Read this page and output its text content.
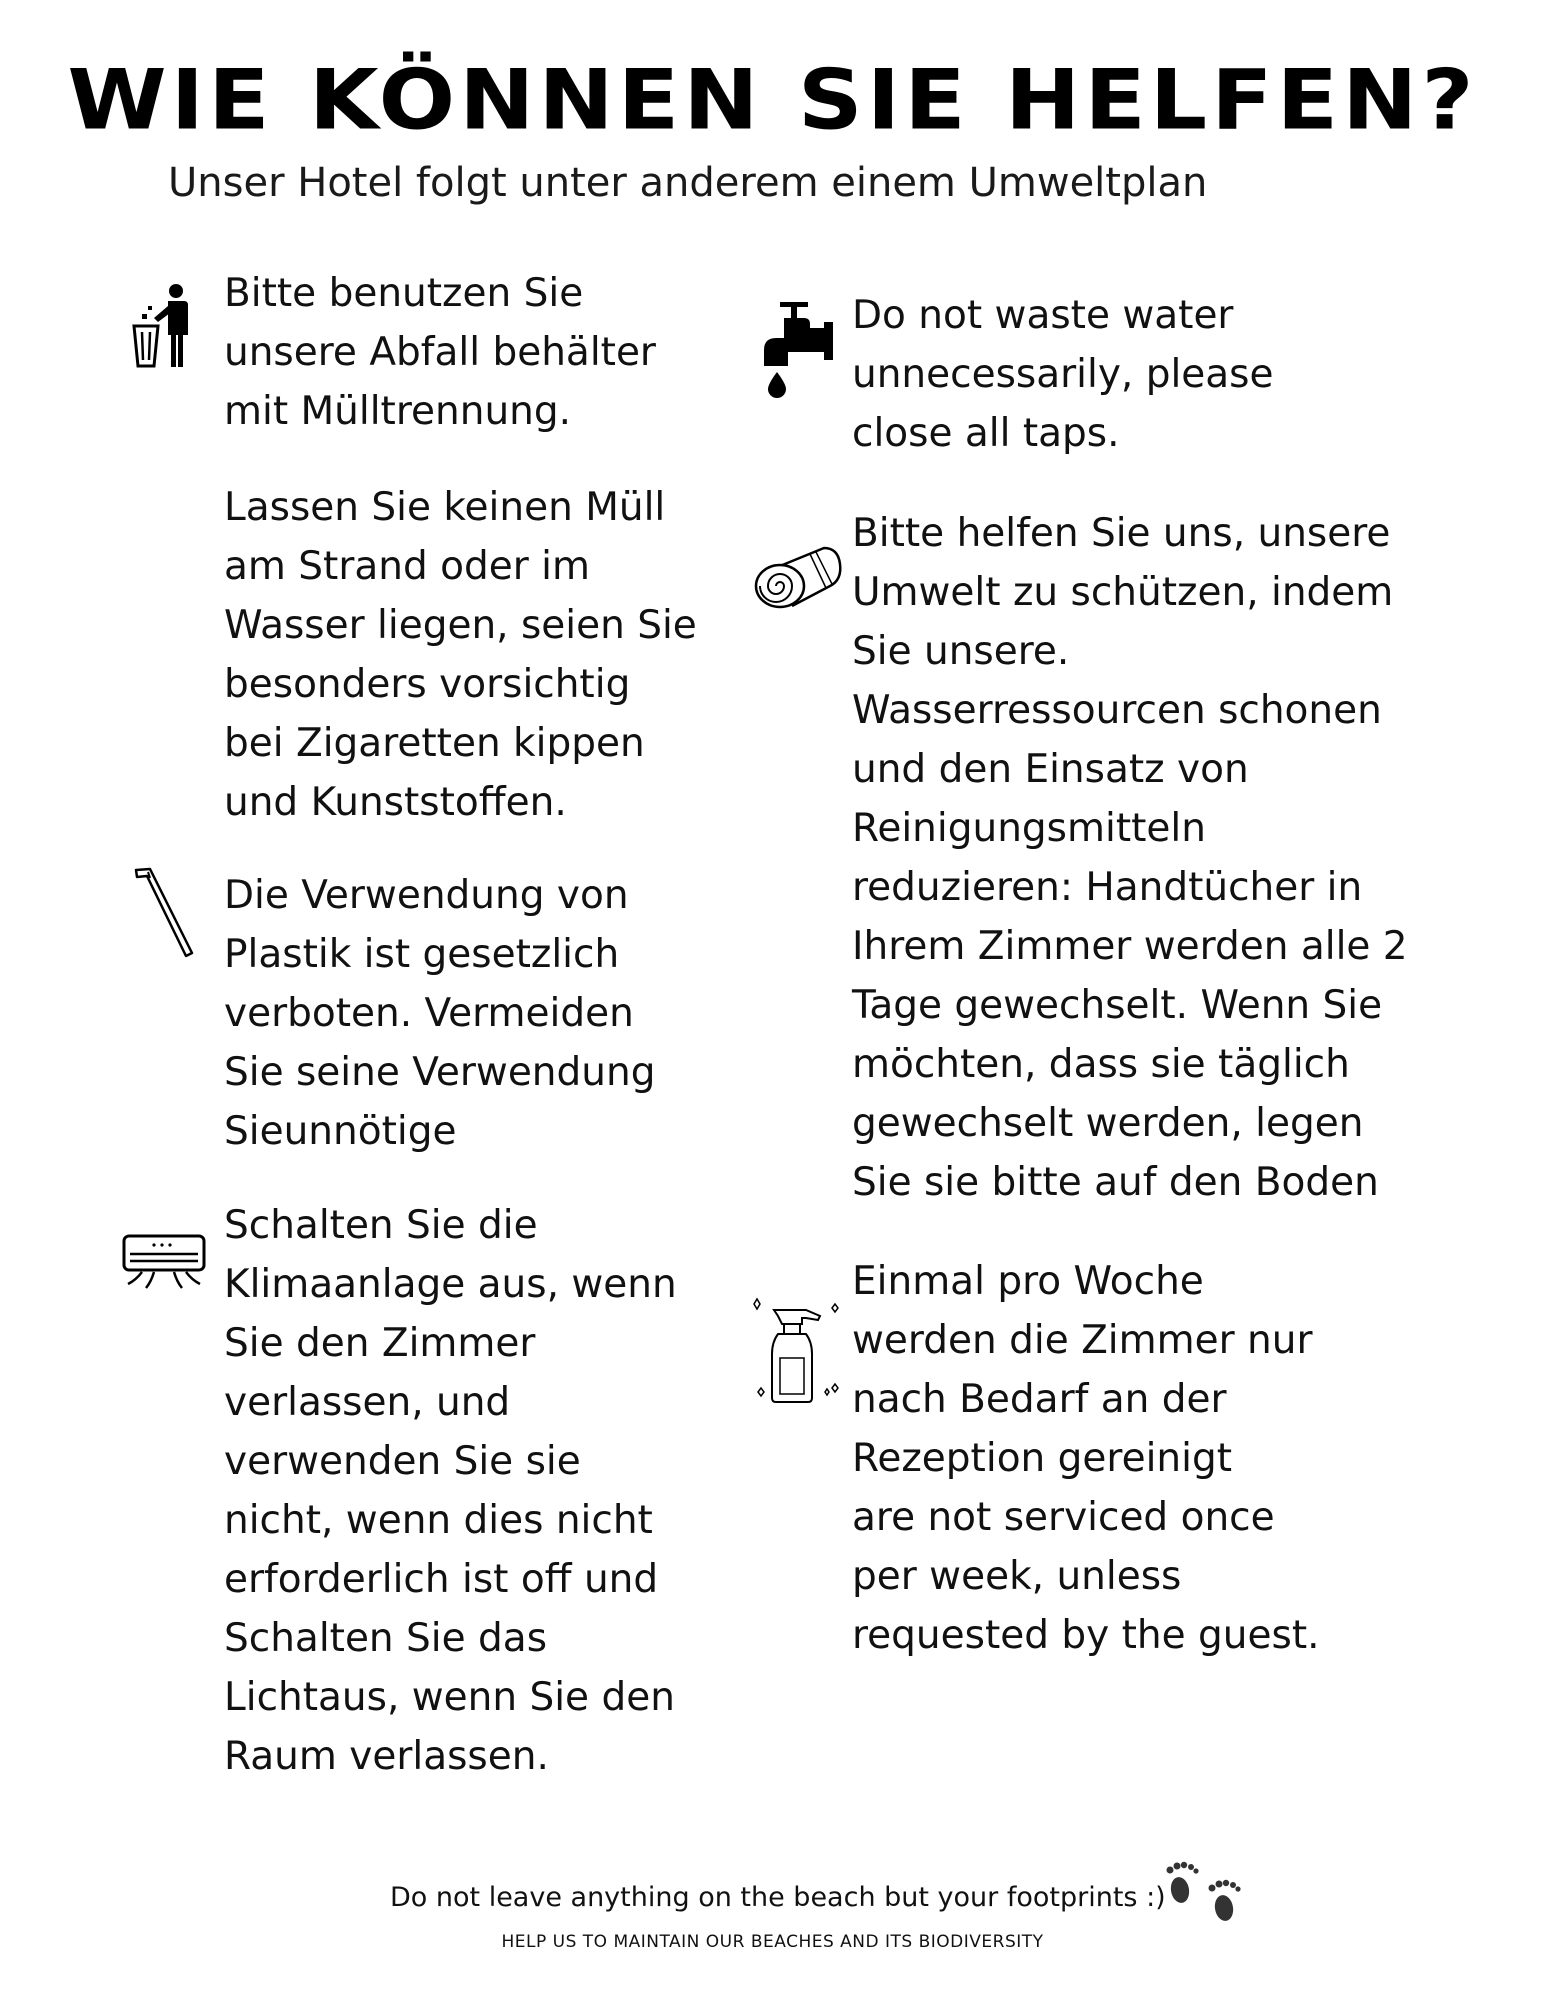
WIE KÖNNEN SIE HELFEN?

Unser Hotel folgt unter anderem einem Umweltplan

Bitte benutzen Sie
unsere Abfall behälter
mit Mülltrennung.
Lassen Sie keinen Müll
am Strand oder im
Wasser liegen, seien Sie
besonders vorsichtig
bei Zigaretten kippen
und Kunststoffen.
Die Verwendung von
Plastik ist gesetzlich
verboten. Vermeiden
Sie seine Verwendung
Sieunnötige
Schalten Sie die
Klimaanlage aus, wenn
Sie den Zimmer
verlassen, und
verwenden Sie sie
nicht, wenn dies nicht
erforderlich ist off und
Schalten Sie das
Lichtaus, wenn Sie den
Raum verlassen.
Do not waste water
unnecessarily, please
close all taps.
Bitte helfen Sie uns, unsere
Umwelt zu schützen, indem
Sie unsere.
Wasserressourcen schonen
und den Einsatz von
Reinigungsmitteln
reduzieren: Handtücher in
Ihrem Zimmer werden alle 2
Tage gewechselt. Wenn Sie
möchten, dass sie täglich
gewechselt werden, legen
Sie sie bitte auf den Boden
Einmal pro Woche
werden die Zimmer nur
nach Bedarf an der
Rezeption gereinigt
are not serviced once
per week, unless
requested by the guest.
Do not leave anything on the beach but your footprints :)
HELP US TO MAINTAIN OUR BEACHES AND ITS BIODIVERSITY
